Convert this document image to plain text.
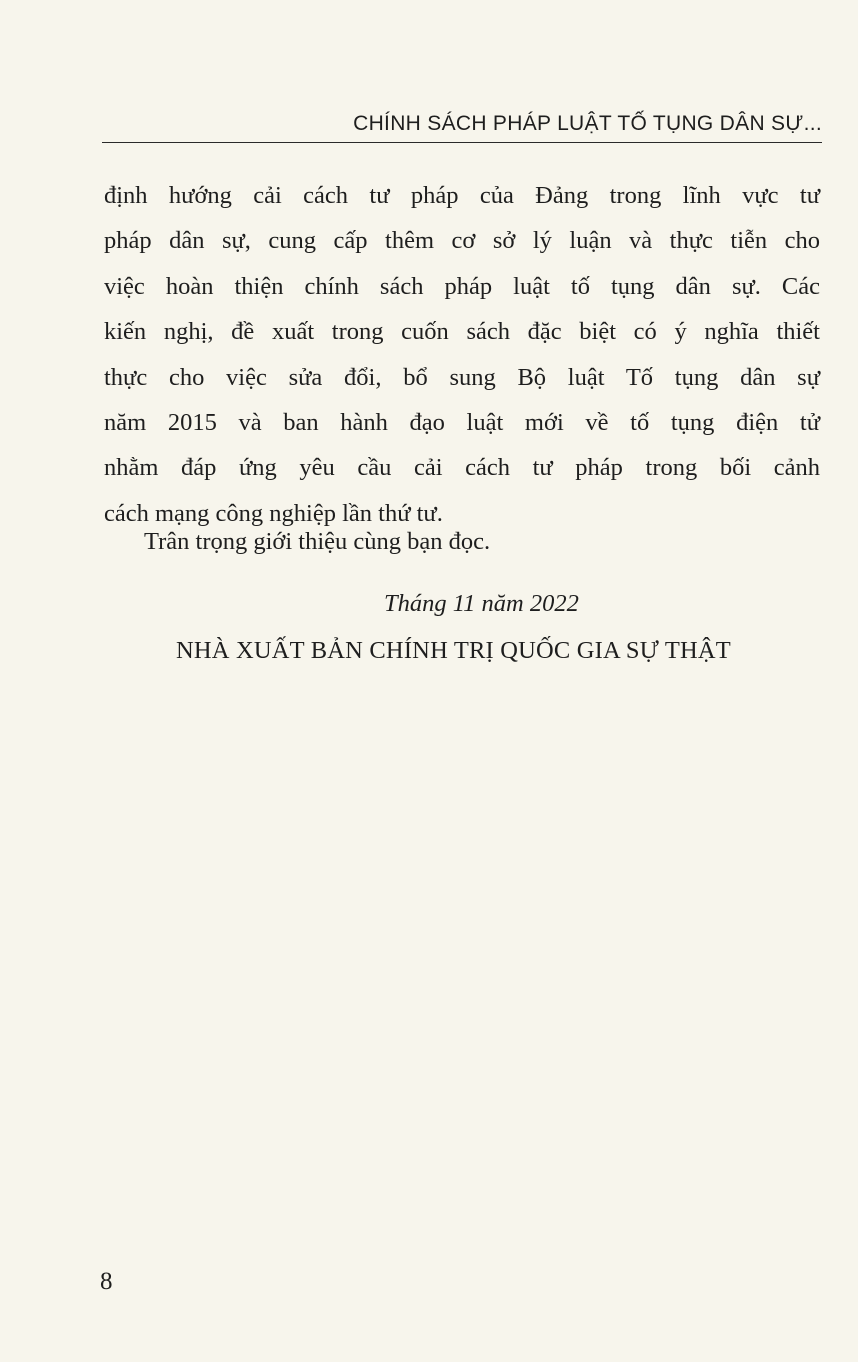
CHÍNH SÁCH PHÁP LUẬT TỐ TỤNG DÂN SỰ...

định hướng cải cách tư pháp của Đảng trong lĩnh vực tư
pháp dân sự, cung cấp thêm cơ sở lý luận và thực tiễn cho
việc hoàn thiện chính sách pháp luật tố tụng dân sự. Các
kiến nghị, đề xuất trong cuốn sách đặc biệt có ý nghĩa thiết
thực cho việc sửa đổi, bổ sung Bộ luật Tố tụng dân sự
năm 2015 và ban hành đạo luật mới về tố tụng điện tử
nhằm đáp ứng yêu cầu cải cách tư pháp trong bối cảnh
cách mạng công nghiệp lần thứ tư.

Trân trọng giới thiệu cùng bạn đọc.
Tháng 11 năm 2022
NHÀ XUẤT BẢN CHÍNH TRỊ QUỐC GIA SỰ THẬT
8
